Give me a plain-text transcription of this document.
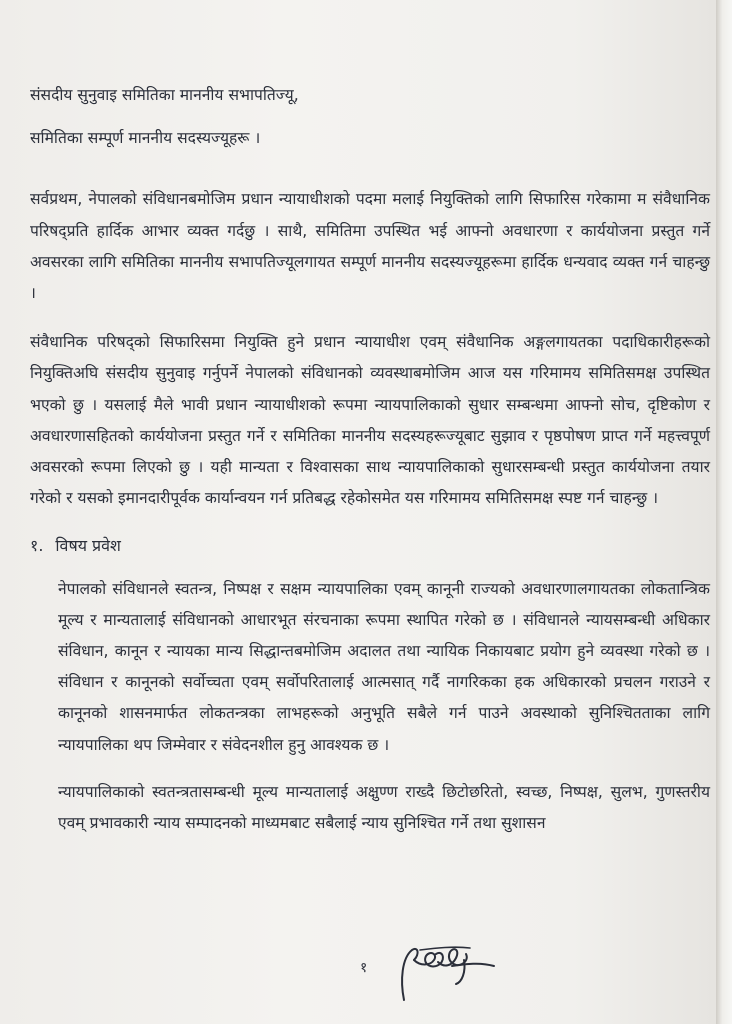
संसदीय सुनुवाइ समितिका माननीय सभापतिज्यू,

समितिका सम्पूर्ण माननीय सदस्यज्यूहरू ।

सर्वप्रथम, नेपालको संविधानबमोजिम प्रधान न्यायाधीशको पदमा मलाई नियुक्तिको लागि सिफारिस गरेकामा म संवैधानिक परिषद्प्रति हार्दिक आभार व्यक्त गर्दछु । साथै, समितिमा उपस्थित भई आफ्नो अवधारणा र कार्ययोजना प्रस्तुत गर्ने अवसरका लागि समितिका माननीय सभापतिज्यूलगायत सम्पूर्ण माननीय सदस्यज्यूहरूमा हार्दिक धन्यवाद व्यक्त गर्न चाहन्छु ।

संवैधानिक परिषद्को सिफारिसमा नियुक्ति हुने प्रधान न्यायाधीश एवम् संवैधानिक अङ्गलगायतका पदाधिकारीहरूको नियुक्तिअघि संसदीय सुनुवाइ गर्नुपर्ने नेपालको संविधानको व्यवस्थाबमोजिम आज यस गरिमामय समितिसमक्ष उपस्थित भएको छु । यसलाई मैले भावी प्रधान न्यायाधीशको रूपमा न्यायपालिकाको सुधार सम्बन्धमा आफ्नो सोच, दृष्टिकोण र अवधारणासहितको कार्ययोजना प्रस्तुत गर्ने र समितिका माननीय सदस्यहरूज्यूबाट सुझाव र पृष्ठपोषण प्राप्त गर्ने महत्त्वपूर्ण अवसरको रूपमा लिएको छु । यही मान्यता र विश्वासका साथ न्यायपालिकाको सुधारसम्बन्धी प्रस्तुत कार्ययोजना तयार गरेको र यसको इमानदारीपूर्वक कार्यान्वयन गर्न प्रतिबद्ध रहेकोसमेत यस गरिमामय समितिसमक्ष स्पष्ट गर्न चाहन्छु ।

१. विषय प्रवेश

नेपालको संविधानले स्वतन्त्र, निष्पक्ष र सक्षम न्यायपालिका एवम् कानूनी राज्यको अवधारणालगायतका लोकतान्त्रिक मूल्य र मान्यतालाई संविधानको आधारभूत संरचनाका रूपमा स्थापित गरेको छ । संविधानले न्यायसम्बन्धी अधिकार संविधान, कानून र न्यायका मान्य सिद्धान्तबमोजिम अदालत तथा न्यायिक निकायबाट प्रयोग हुने व्यवस्था गरेको छ । संविधान र कानूनको सर्वोच्चता एवम् सर्वोपरितालाई आत्मसात् गर्दै नागरिकका हक अधिकारको प्रचलन गराउने र कानूनको शासनमार्फत लोकतन्त्रका लाभहरूको अनुभूति सबैले गर्न पाउने अवस्थाको सुनिश्चितताका लागि न्यायपालिका थप जिम्मेवार र संवेदनशील हुनु आवश्यक छ ।

न्यायपालिकाको स्वतन्त्रतासम्बन्धी मूल्य मान्यतालाई अक्षुण्ण राख्दै छिटोछरितो, स्वच्छ, निष्पक्ष, सुलभ, गुणस्तरीय एवम् प्रभावकारी न्याय सम्पादनको माध्यमबाट सबैलाई न्याय सुनिश्चित गर्ने तथा सुशासन

१
